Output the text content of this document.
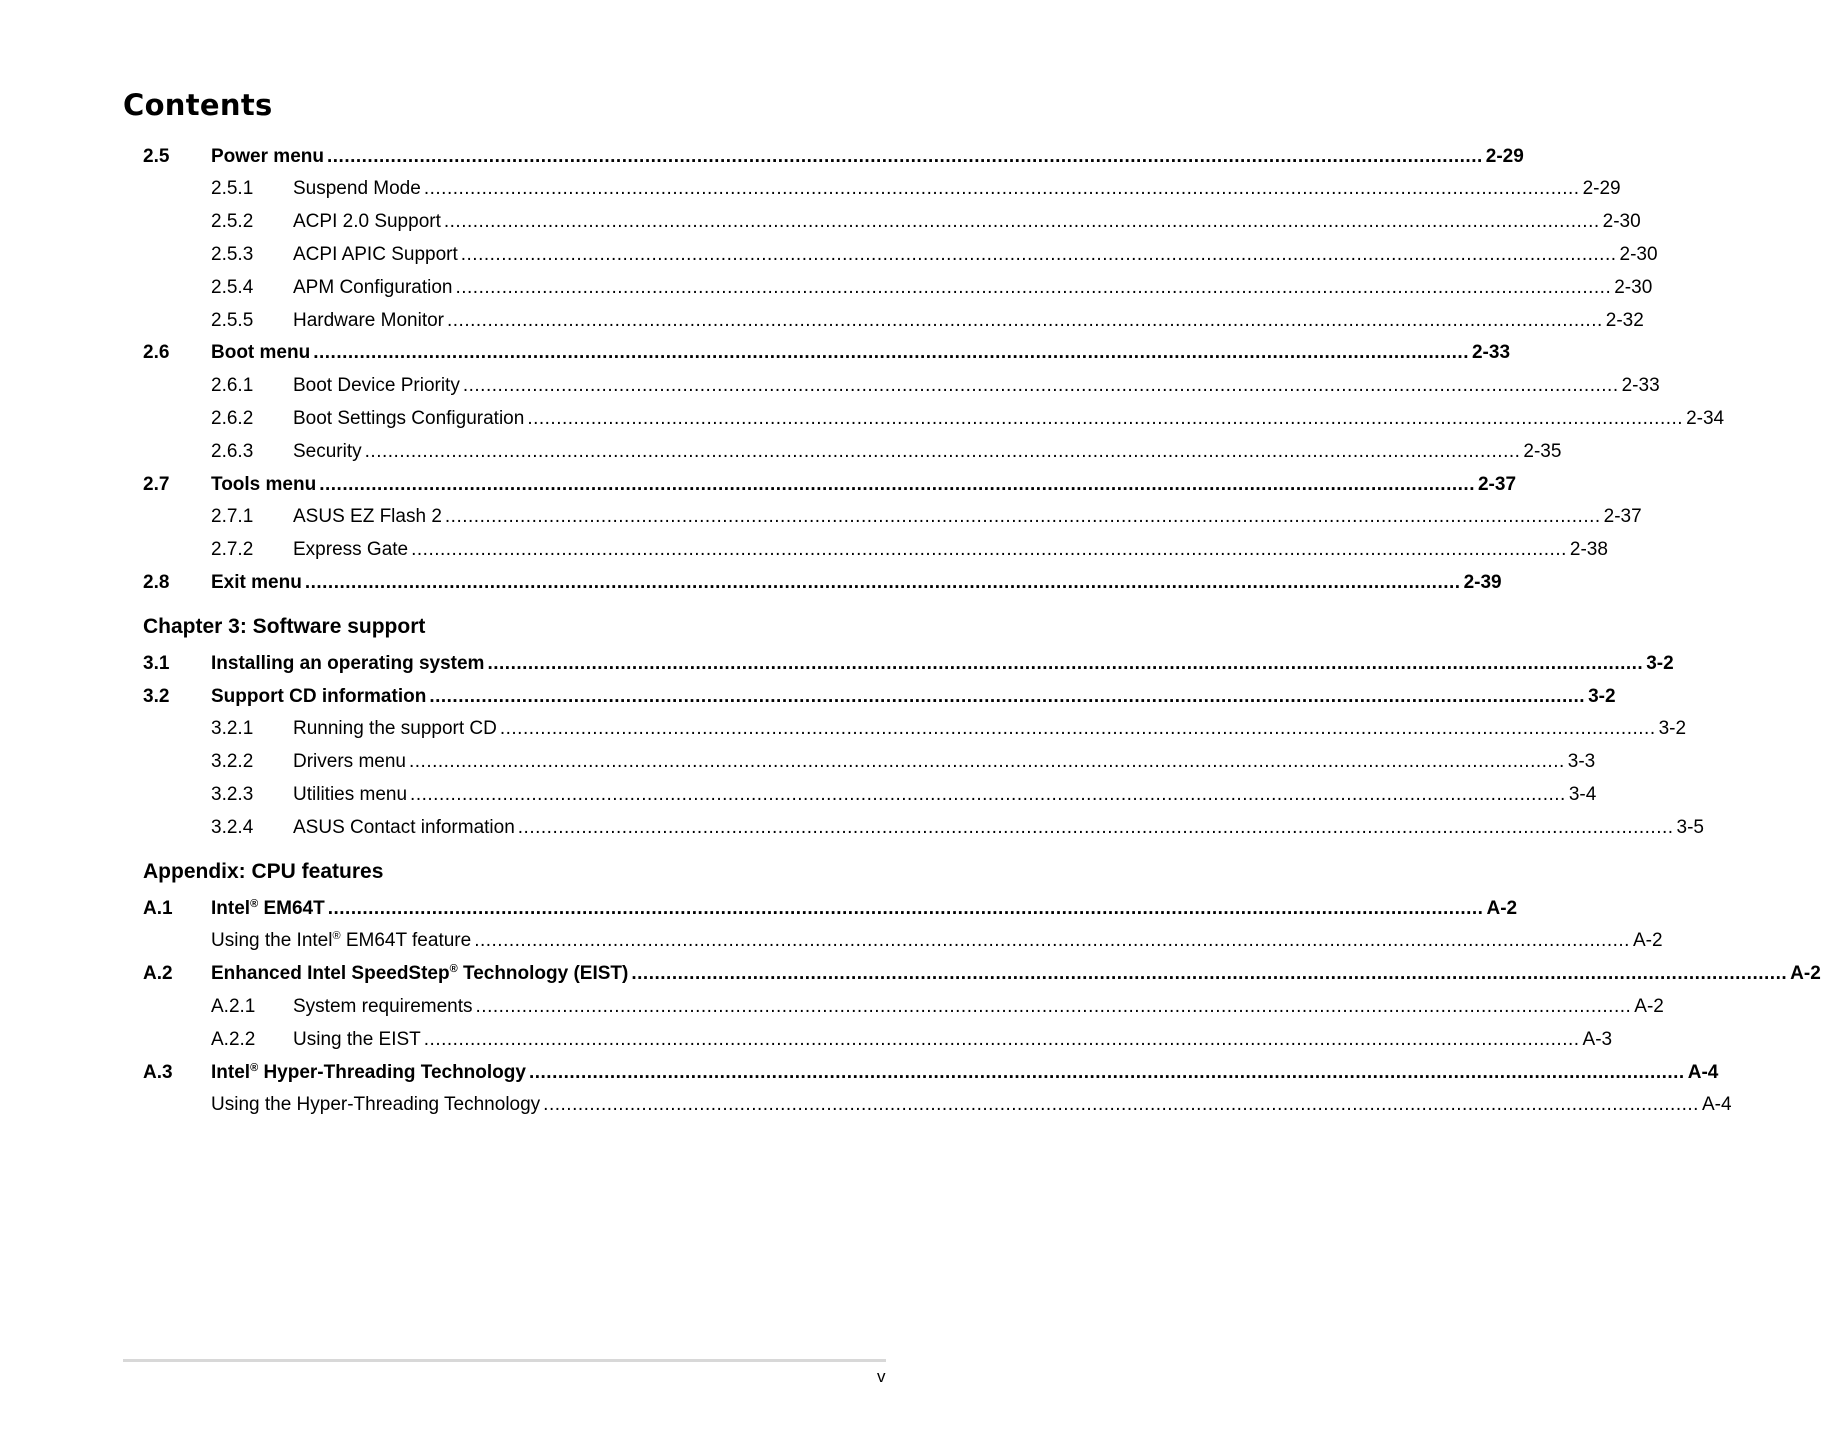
Contents
2.5	Power menu ........................................................................................................................................................................................................ 2-29
2.5.1	Suspend Mode ........................................................................................................................................................................................................ 2-29
2.5.2	ACPI 2.0 Support ........................................................................................................................................................................................................ 2-30
2.5.3	ACPI APIC Support ........................................................................................................................................................................................................ 2-30
2.5.4	APM Configuration ........................................................................................................................................................................................................ 2-30
2.5.5	Hardware Monitor ........................................................................................................................................................................................................ 2-32
2.6	Boot menu ........................................................................................................................................................................................................ 2-33
2.6.1	Boot Device Priority ........................................................................................................................................................................................................ 2-33
2.6.2	Boot Settings Configuration ........................................................................................................................................................................................................ 2-34
2.6.3	Security ........................................................................................................................................................................................................ 2-35
2.7	Tools menu ........................................................................................................................................................................................................ 2-37
2.7.1	ASUS EZ Flash 2 ........................................................................................................................................................................................................ 2-37
2.7.2	Express Gate ........................................................................................................................................................................................................ 2-38
2.8	Exit menu ........................................................................................................................................................................................................ 2-39
Chapter 3: Software support
3.1	Installing an operating system ........................................................................................................................................................................................................ 3-2
3.2	Support CD information ........................................................................................................................................................................................................ 3-2
3.2.1	Running the support CD ........................................................................................................................................................................................................ 3-2
3.2.2	Drivers menu ........................................................................................................................................................................................................ 3-3
3.2.3	Utilities menu ........................................................................................................................................................................................................ 3-4
3.2.4	ASUS Contact information ........................................................................................................................................................................................................ 3-5
Appendix: CPU features
A.1	Intel® EM64T ........................................................................................................................................................................................................ A-2
Using the Intel® EM64T feature ........................................................................................................................................................................................................ A-2
A.2	Enhanced Intel SpeedStep® Technology (EIST) ........................................................................................................................................................................................................ A-2
A.2.1	System requirements ........................................................................................................................................................................................................ A-2
A.2.2	Using the EIST ........................................................................................................................................................................................................ A-3
A.3	Intel® Hyper-Threading Technology ........................................................................................................................................................................................................ A-4
Using the Hyper-Threading Technology ........................................................................................................................................................................................................ A-4
v
